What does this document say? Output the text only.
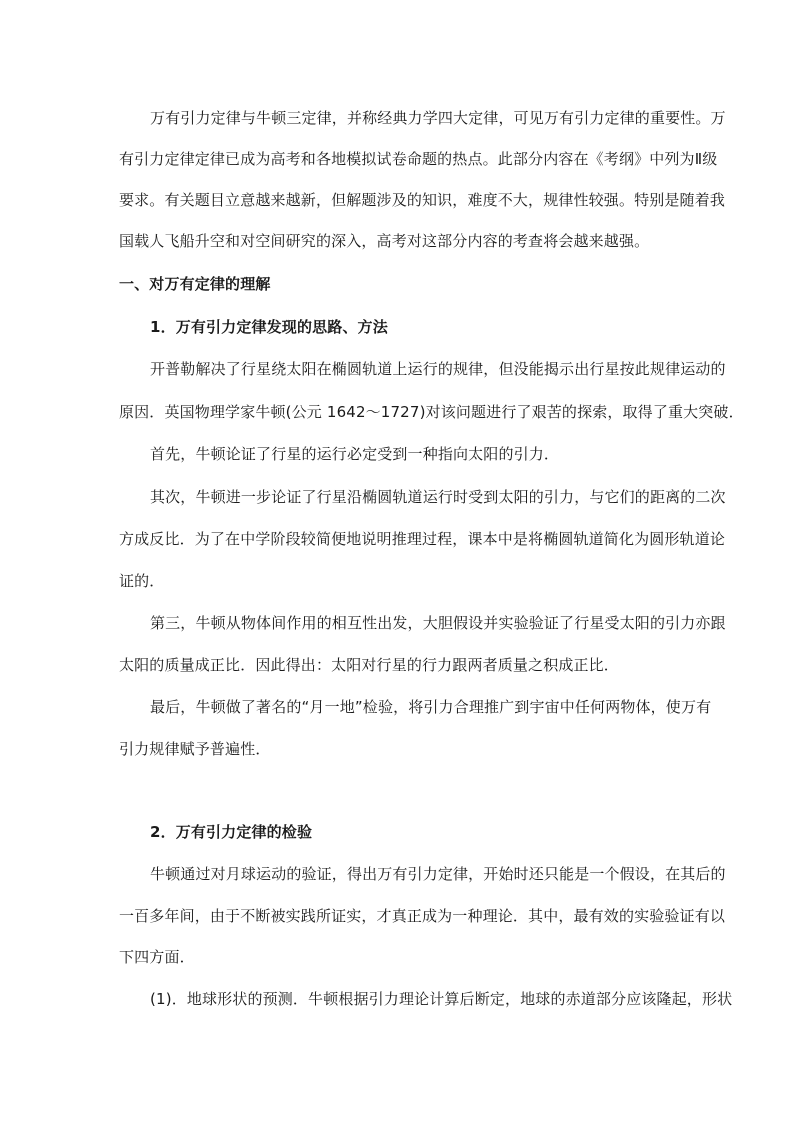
万有引力定律与牛顿三定律，并称经典力学四大定律，可见万有引力定律的重要性。万
有引力定律定律已成为高考和各地模拟试卷命题的热点。此部分内容在《考纲》中列为Ⅱ级
要求。有关题目立意越来越新，但解题涉及的知识，难度不大，规律性较强。特别是随着我
国载人飞船升空和对空间研究的深入，高考对这部分内容的考查将会越来越强。
一、对万有定律的理解
1．万有引力定律发现的思路、方法
开普勒解决了行星绕太阳在椭圆轨道上运行的规律，但没能揭示出行星按此规律运动的
原因．英国物理学家牛顿(公元 1642～1727)对该问题进行了艰苦的探索，取得了重大突破．
首先，牛顿论证了行星的运行必定受到一种指向太阳的引力．
其次，牛顿进一步论证了行星沿椭圆轨道运行时受到太阳的引力，与它们的距离的二次
方成反比．为了在中学阶段较简便地说明推理过程，课本中是将椭圆轨道简化为圆形轨道论
证的．
第三，牛顿从物体间作用的相互性出发，大胆假设并实验验证了行星受太阳的引力亦跟
太阳的质量成正比．因此得出：太阳对行星的行力跟两者质量之积成正比．
最后，牛顿做了著名的“月一地”检验，将引力合理推广到宇宙中任何两物体，使万有
引力规律赋予普遍性．
2．万有引力定律的检验
牛顿通过对月球运动的验证，得出万有引力定律，开始时还只能是一个假设，在其后的
一百多年间，由于不断被实践所证实，才真正成为一种理论．其中，最有效的实验验证有以
下四方面．
(1)．地球形状的预测．牛顿根据引力理论计算后断定，地球的赤道部分应该隆起，形状
